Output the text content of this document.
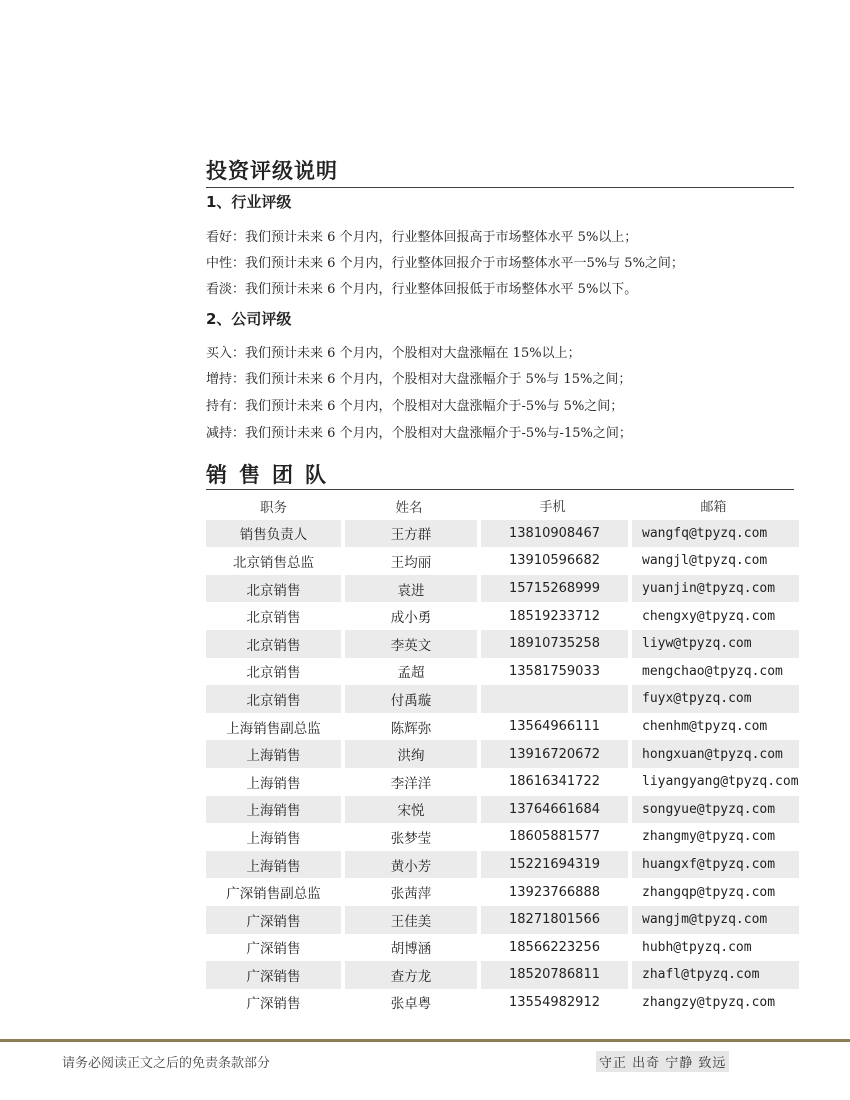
投资评级说明
1、行业评级
看好：我们预计未来 6 个月内，行业整体回报高于市场整体水平 5%以上；
中性：我们预计未来 6 个月内，行业整体回报介于市场整体水平一5%与 5%之间；
看淡：我们预计未来 6 个月内，行业整体回报低于市场整体水平 5%以下。
2、公司评级
买入：我们预计未来 6 个月内，个股相对大盘涨幅在 15%以上；
增持：我们预计未来 6 个月内，个股相对大盘涨幅介于 5%与 15%之间；
持有：我们预计未来 6 个月内，个股相对大盘涨幅介于-5%与 5%之间；
减持：我们预计未来 6 个月内，个股相对大盘涨幅介于-5%与-15%之间；
销售团队
职务	姓名	手机	邮箱
销售负责人	王方群	13810908467	wangfq@tpyzq.com
北京销售总监	王均丽	13910596682	wangjl@tpyzq.com
北京销售	袁进	15715268999	yuanjin@tpyzq.com
北京销售	成小勇	18519233712	chengxy@tpyzq.com
北京销售	李英文	18910735258	liyw@tpyzq.com
北京销售	孟超	13581759033	mengchao@tpyzq.com
北京销售	付禹璇		fuyx@tpyzq.com
上海销售副总监	陈辉弥	13564966111	chenhm@tpyzq.com
上海销售	洪绚	13916720672	hongxuan@tpyzq.com
上海销售	李洋洋	18616341722	liyangyang@tpyzq.com
上海销售	宋悦	13764661684	songyue@tpyzq.com
上海销售	张梦莹	18605881577	zhangmy@tpyzq.com
上海销售	黄小芳	15221694319	huangxf@tpyzq.com
广深销售副总监	张茜萍	13923766888	zhangqp@tpyzq.com
广深销售	王佳美	18271801566	wangjm@tpyzq.com
广深销售	胡博涵	18566223256	hubh@tpyzq.com
广深销售	查方龙	18520786811	zhafl@tpyzq.com
广深销售	张卓粤	13554982912	zhangzy@tpyzq.com
请务必阅读正文之后的免责条款部分	守正 出奇 宁静 致远
